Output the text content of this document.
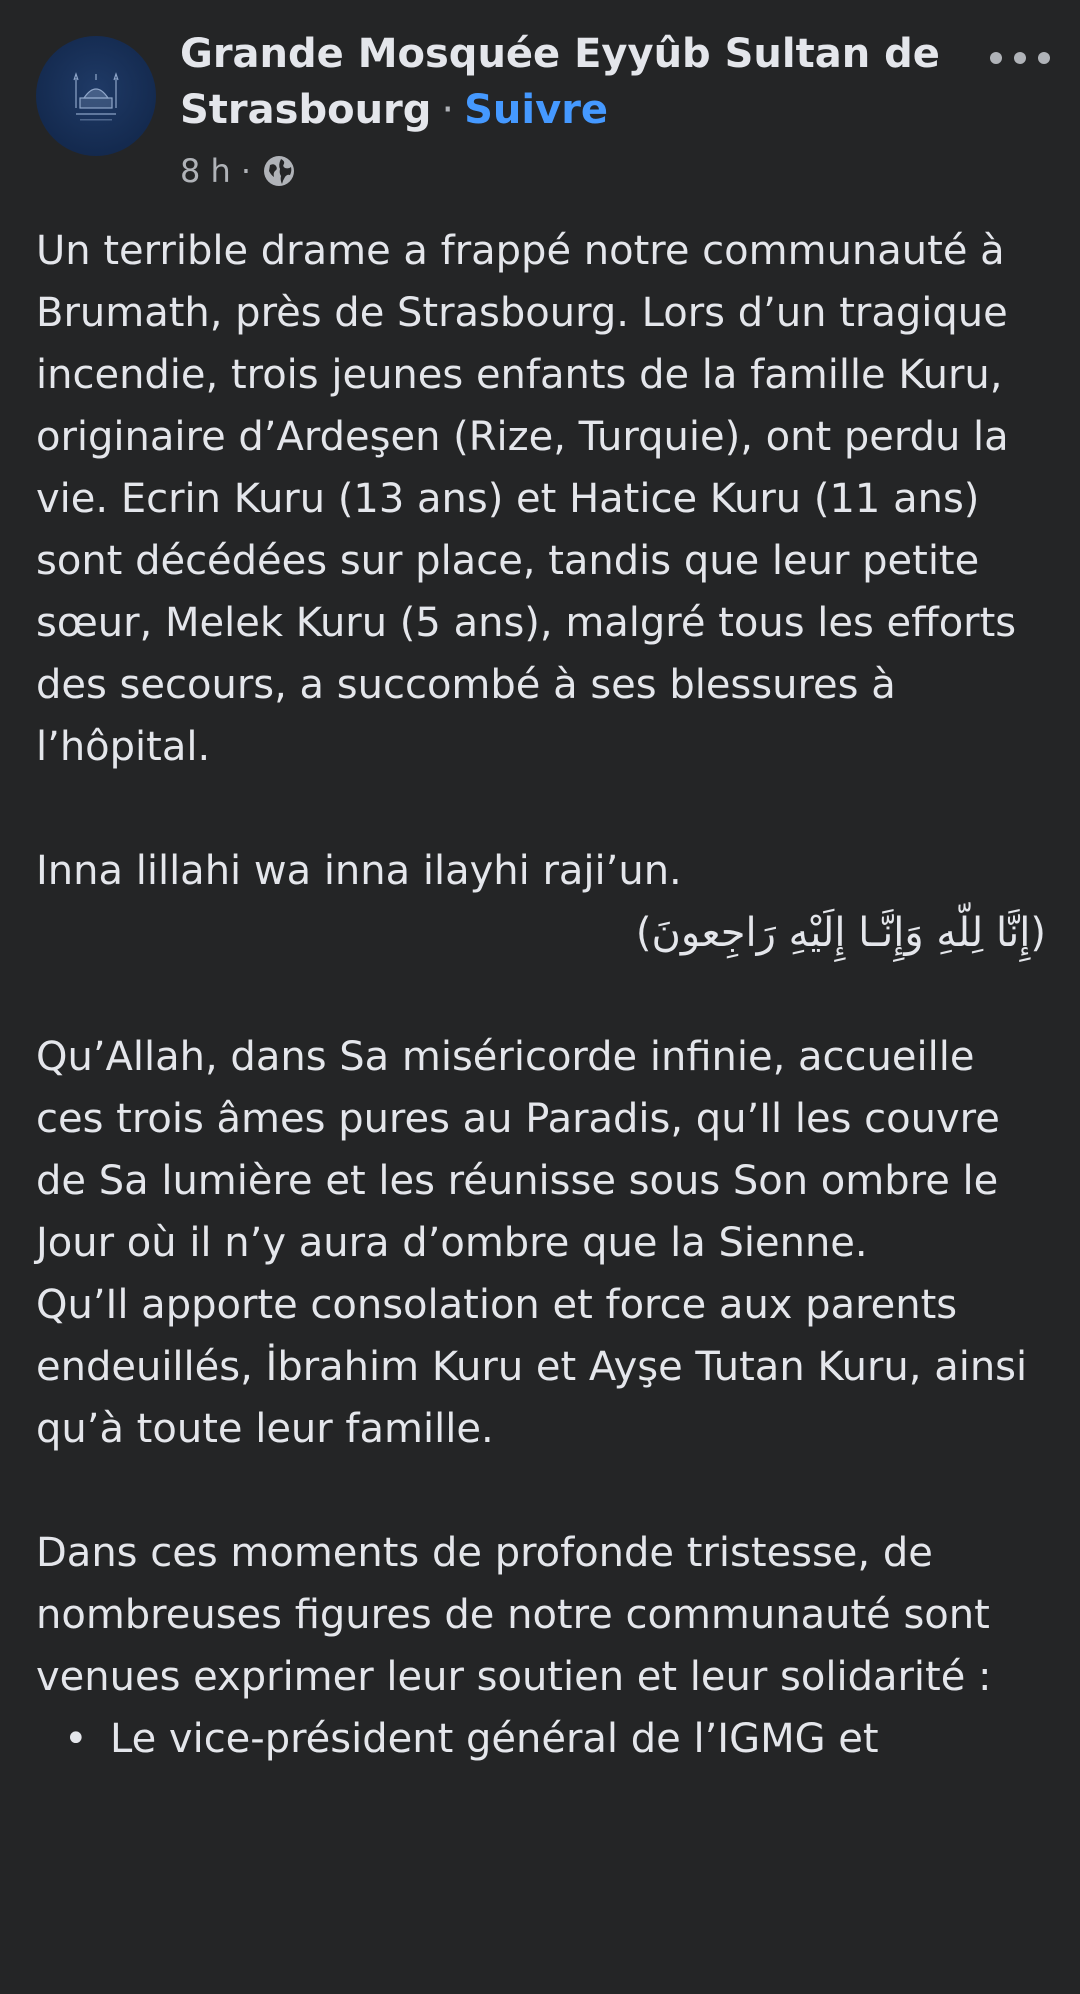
Grande Mosquée Eyyûb Sultan de Strasbourg · Suivre

8 h ·

Un terrible drame a frappé notre communauté à Brumath, près de Strasbourg. Lors d’un tragique incendie, trois jeunes enfants de la famille Kuru, originaire d’Ardeşen (Rize, Turquie), ont perdu la vie. Ecrin Kuru (13 ans) et Hatice Kuru (11 ans) sont décédées sur place, tandis que leur petite sœur, Melek Kuru (5 ans), malgré tous les efforts des secours, a succombé à ses blessures à l’hôpital.

Inna lillahi wa inna ilayhi raji’un.

(إِنَّا لِلّهِ وَإِنَّـا إِلَيْهِ رَاجِعونَ)

Qu’Allah, dans Sa miséricorde infinie, accueille ces trois âmes pures au Paradis, qu’Il les couvre de Sa lumière et les réunisse sous Son ombre le Jour où il n’y aura d’ombre que la Sienne.

Qu’Il apporte consolation et force aux parents endeuillés, İbrahim Kuru et Ayşe Tutan Kuru, ainsi qu’à toute leur famille.

Dans ces moments de profonde tristesse, de nombreuses figures de notre communauté sont venues exprimer leur soutien et leur solidarité :

• Le vice-président général de l’IGMG et
